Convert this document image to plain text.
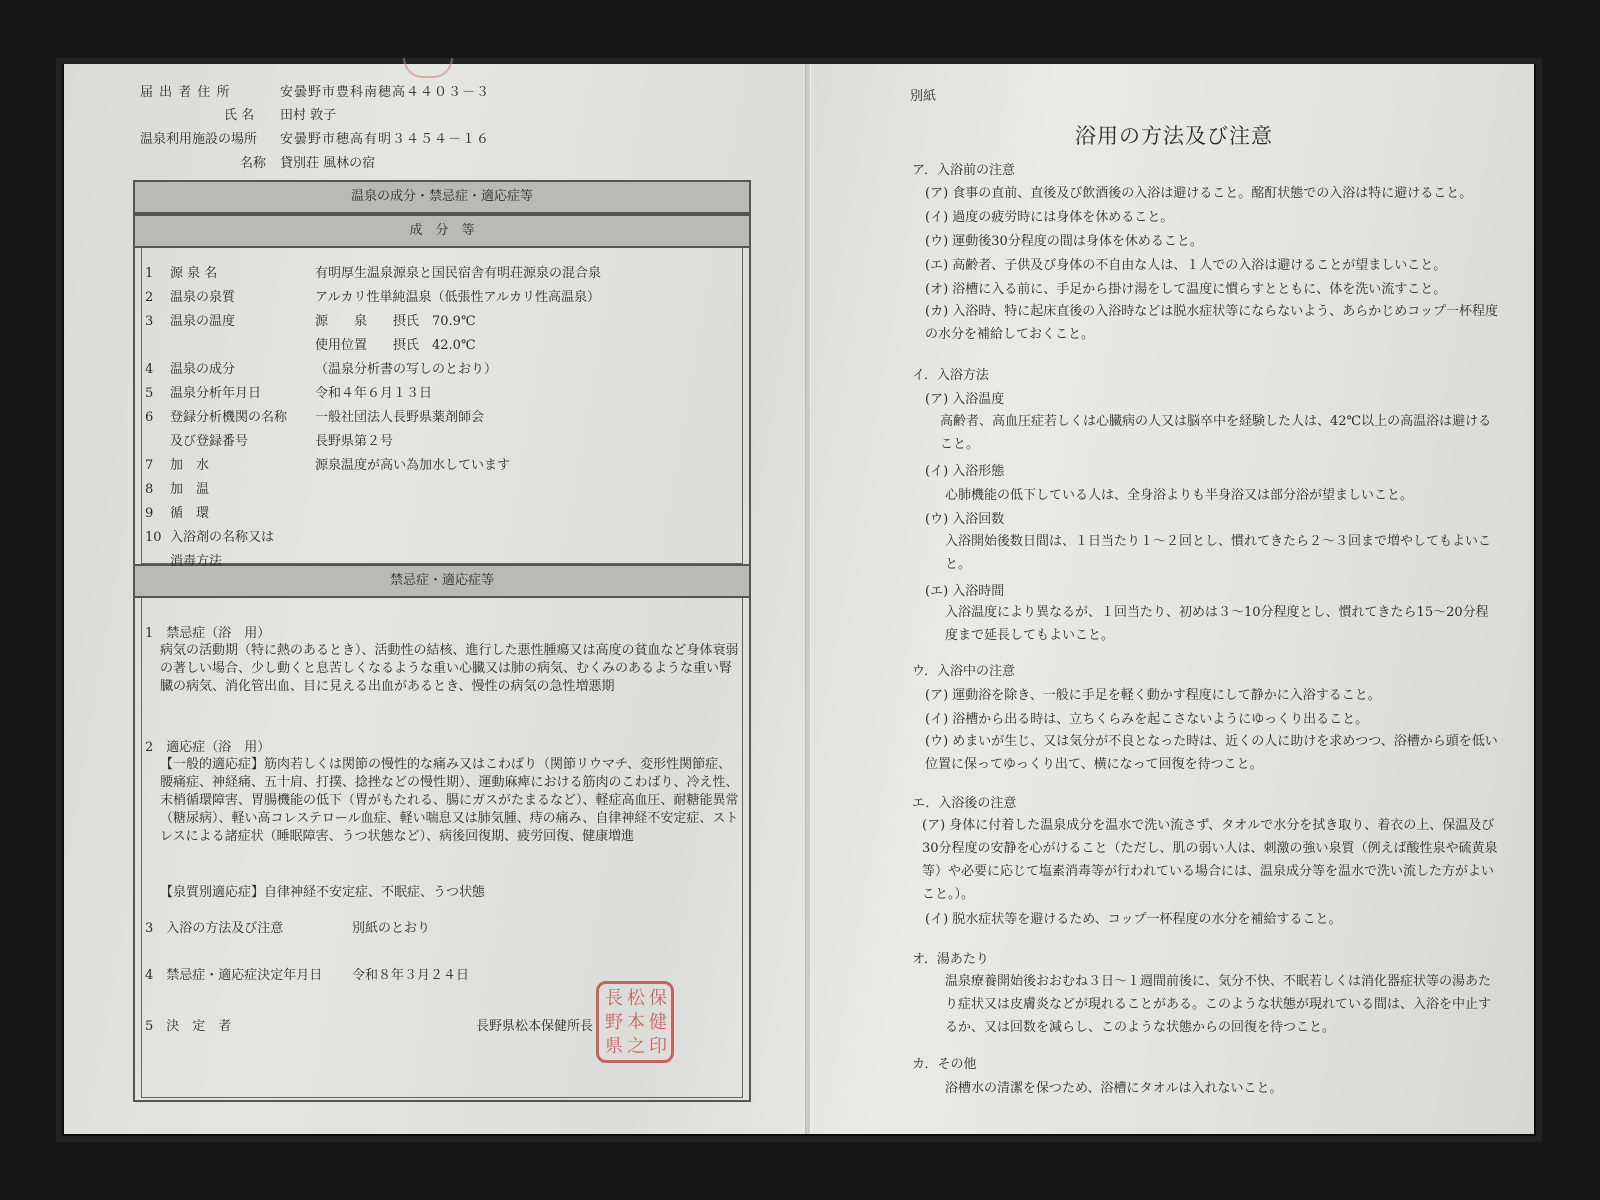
届 出 者 住 所	安曇野市豊科南穂高４４０３－３
氏 名 田村 敦子
温泉利用施設の場所 安曇野市穂高有明３４５４－１６
名称 貸別荘 風林の宿
温泉の成分・禁忌症・適応症等
成　分　等
禁忌症・適応症等
1 源 泉 名	有明厚生温泉源泉と国民宿舎有明荘源泉の混合泉
2 温泉の泉質	アルカリ性単純温泉（低張性アルカリ性高温泉）
3 温泉の温度	源　　泉　　摂氏　70.9℃
使用位置　　摂氏　42.0℃
4 温泉の成分	（温泉分析書の写しのとおり）
5 温泉分析年月日	令和４年６月１３日
6 登録分析機関の名称 一般社団法人長野県薬剤師会
及び登録番号	長野県第２号
7 加　水	源泉温度が高い為加水しています
8 加　温
9 循　環
10 入浴剤の名称又は
消毒方法
1　禁忌症（浴　用）
病気の活動期（特に熱のあるとき）、活動性の結核、進行した悪性腫瘍又は高度の貧血など身体衰弱の著しい場合、少し動くと息苦しくなるような重い心臓又は肺の病気、むくみのあるような重い腎臓の病気、消化管出血、目に見える出血があるとき、慢性の病気の急性増悪期
2　適応症（浴　用）
【一般的適応症】筋肉若しくは関節の慢性的な痛み又はこわばり（関節リウマチ、変形性関節症、腰痛症、神経痛、五十肩、打撲、捻挫などの慢性期）、運動麻痺における筋肉のこわばり、冷え性、末梢循環障害、胃腸機能の低下（胃がもたれる、腸にガスがたまるなど）、軽症高血圧、耐糖能異常（糖尿病）、軽い高コレステロール血症、軽い喘息又は肺気腫、痔の痛み、自律神経不安定症、ストレスによる諸症状（睡眠障害、うつ状態など）、病後回復期、疲労回復、健康増進
【泉質別適応症】自律神経不安定症、不眠症、うつ状態
3　入浴の方法及び注意	別紙のとおり
4　禁忌症・適応症決定年月日 令和８年３月２４日
5　決　定　者	長野県松本保健所長
長 松 保
野 本 健
県 之 印
別紙
浴用の方法及び注意
ア．入浴前の注意
(ア) 食事の直前、直後及び飲酒後の入浴は避けること。酩酊状態での入浴は特に避けること。
(イ) 過度の疲労時には身体を休めること。
(ウ) 運動後30分程度の間は身体を休めること。
(エ) 高齢者、子供及び身体の不自由な人は、１人での入浴は避けることが望ましいこと。
(オ) 浴槽に入る前に、手足から掛け湯をして温度に慣らすとともに、体を洗い流すこと。
(カ) 入浴時、特に起床直後の入浴時などは脱水症状等にならないよう、あらかじめコップ一杯程度の水分を補給しておくこと。
イ．入浴方法
(ア) 入浴温度
高齢者、高血圧症若しくは心臓病の人又は脳卒中を経験した人は、42℃以上の高温浴は避けること。
(イ) 入浴形態
心肺機能の低下している人は、全身浴よりも半身浴又は部分浴が望ましいこと。
(ウ) 入浴回数
入浴開始後数日間は、１日当たり１～２回とし、慣れてきたら２～３回まで増やしてもよいこと。
(エ) 入浴時間
入浴温度により異なるが、１回当たり、初めは３～10分程度とし、慣れてきたら15～20分程度まで延長してもよいこと。
ウ．入浴中の注意
(ア) 運動浴を除き、一般に手足を軽く動かす程度にして静かに入浴すること。
(イ) 浴槽から出る時は、立ちくらみを起こさないようにゆっくり出ること。
(ウ) めまいが生じ、又は気分が不良となった時は、近くの人に助けを求めつつ、浴槽から頭を低い位置に保ってゆっくり出て、横になって回復を待つこと。
エ．入浴後の注意
(ア) 身体に付着した温泉成分を温水で洗い流さず、タオルで水分を拭き取り、着衣の上、保温及び30分程度の安静を心がけること（ただし、肌の弱い人は、刺激の強い泉質（例えば酸性泉や硫黄泉等）や必要に応じて塩素消毒等が行われている場合には、温泉成分等を温水で洗い流した方がよいこと。）。
(イ) 脱水症状等を避けるため、コップ一杯程度の水分を補給すること。
オ．湯あたり
温泉療養開始後おおむね３日～１週間前後に、気分不快、不眠若しくは消化器症状等の湯あたり症状又は皮膚炎などが現れることがある。このような状態が現れている間は、入浴を中止するか、又は回数を減らし、このような状態からの回復を待つこと。
カ．その他
浴槽水の清潔を保つため、浴槽にタオルは入れないこと。
